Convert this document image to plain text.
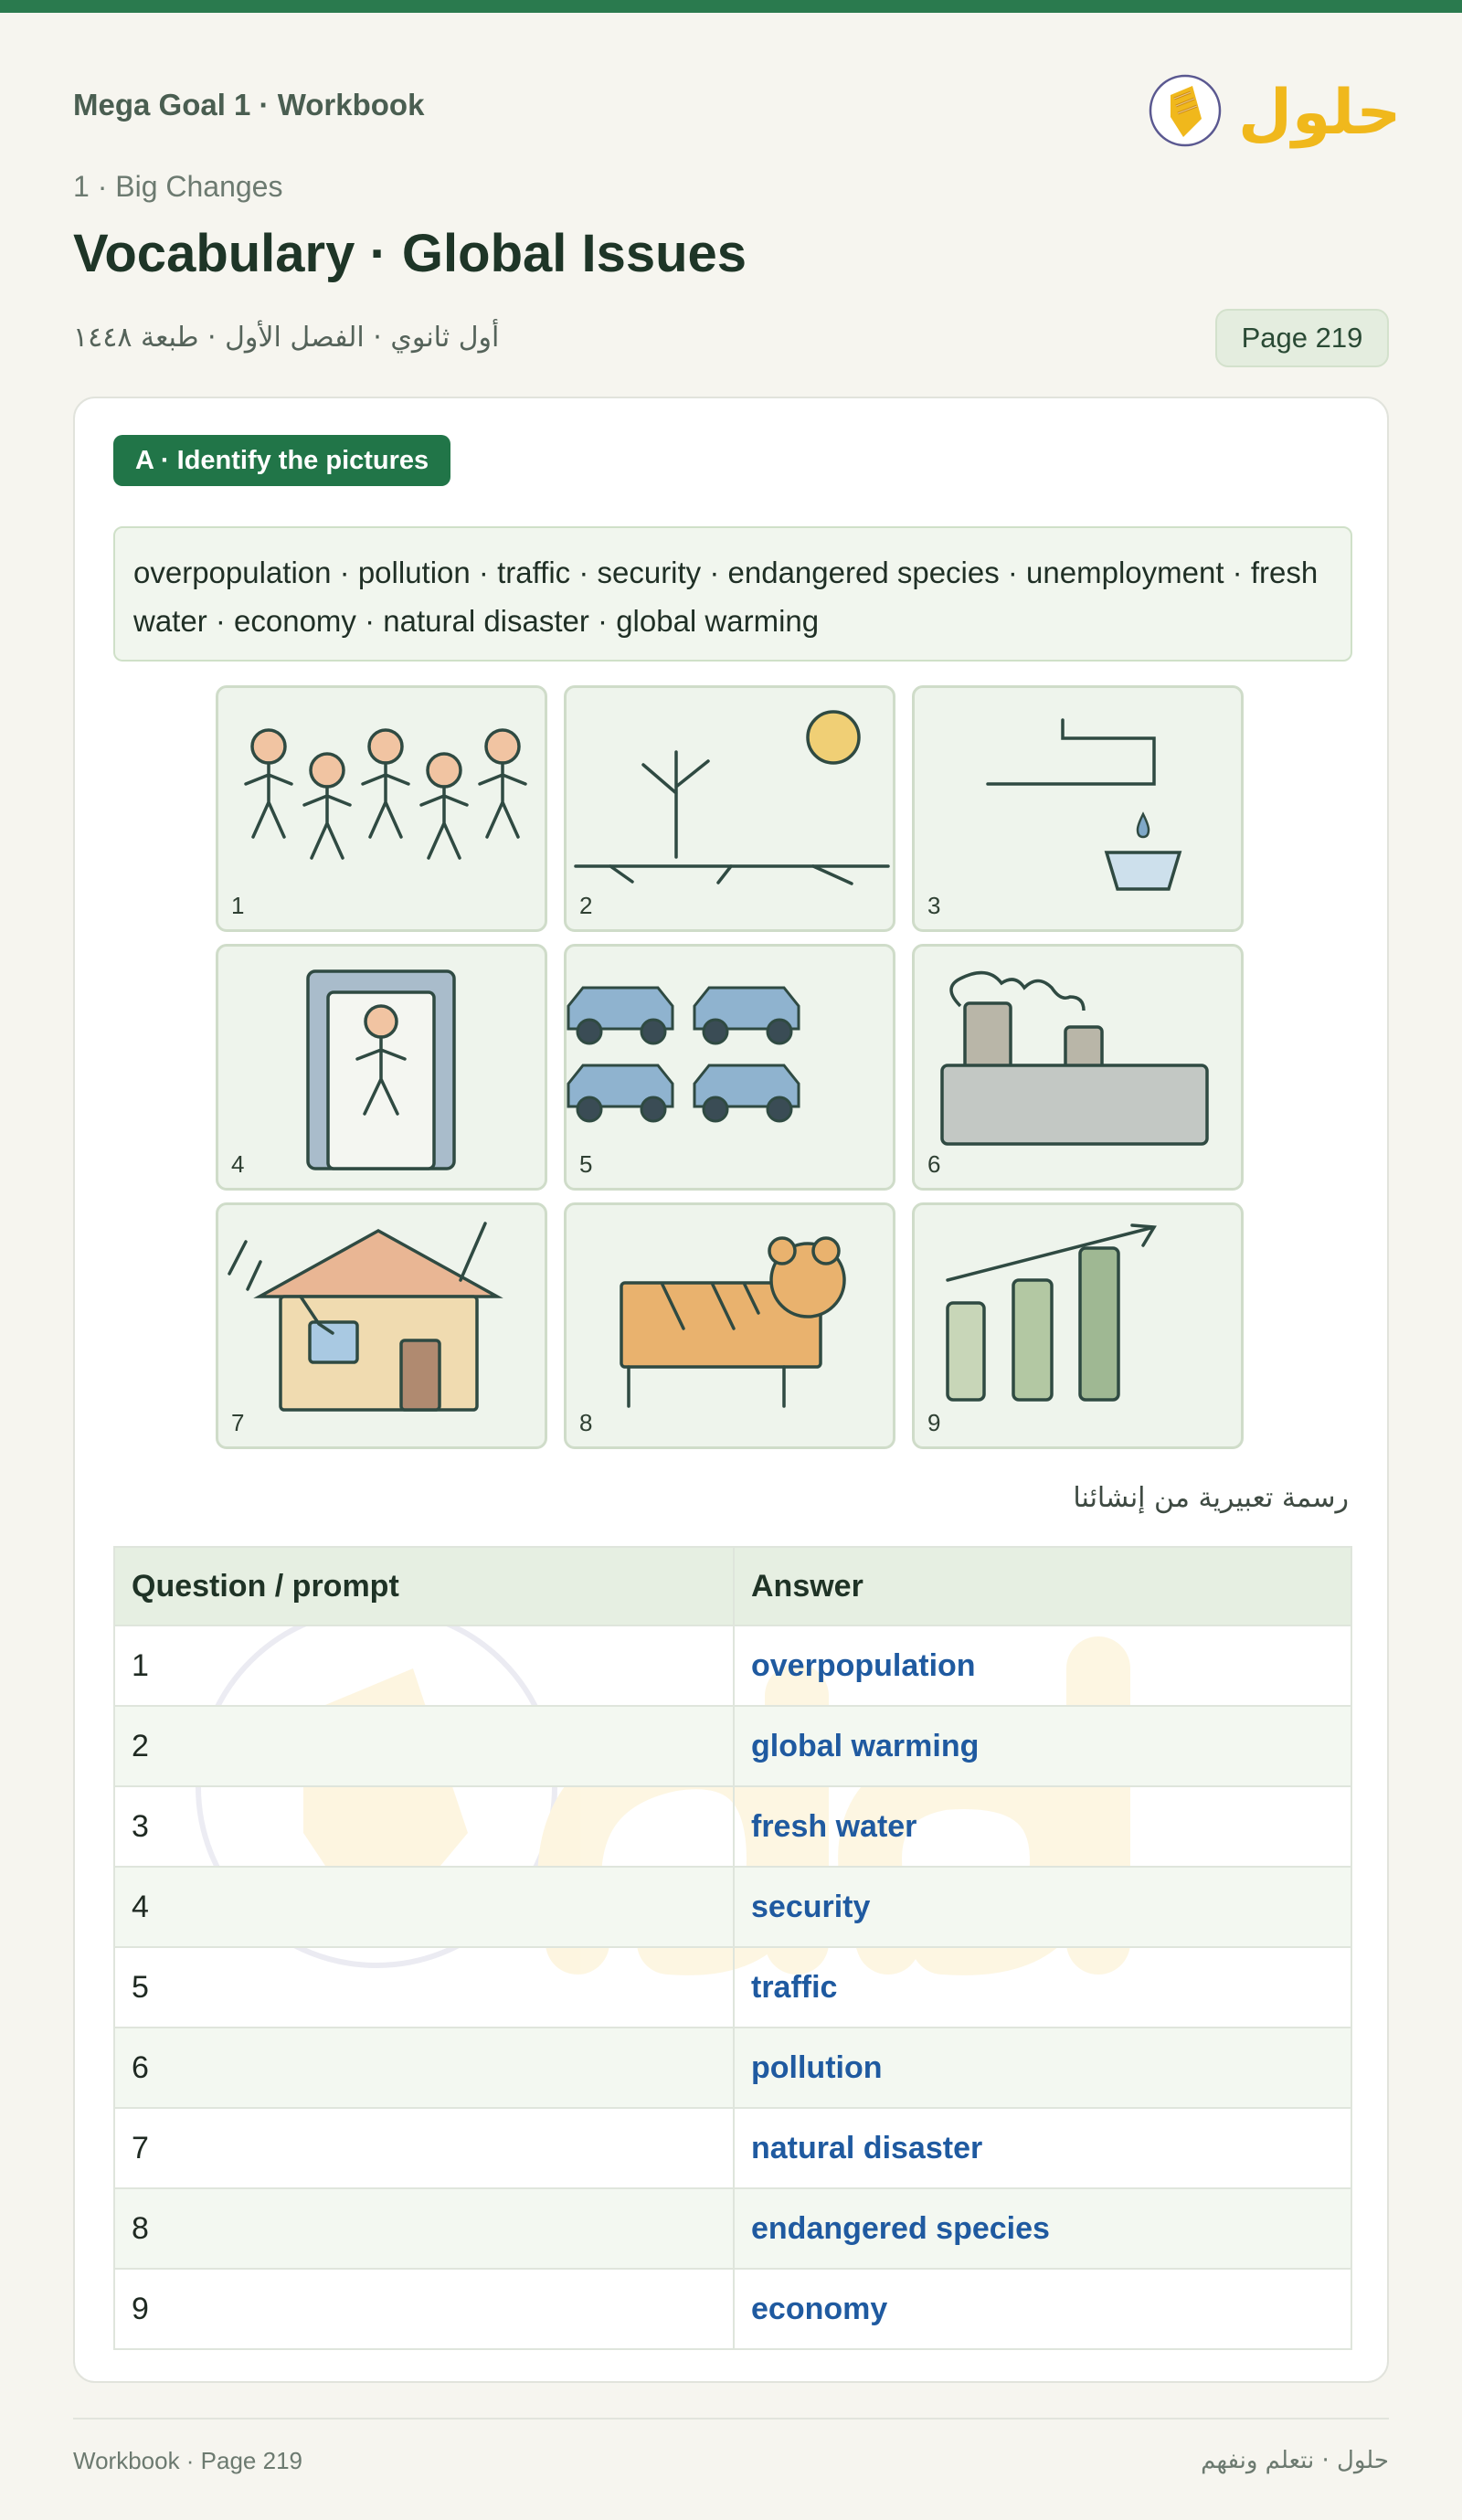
Mega Goal 1 · Workbook	حلول
1 · Big Changes
Vocabulary · Global Issues
أول ثانوي · الفصل الأول · طبعة ١٤٤٨	Page 219
A · Identify the pictures
overpopulation · pollution · traffic · security · endangered species · unemployment · fresh water · economy · natural disaster · global warming
1	2	3
4	5	6
7	8	9
رسمة تعبيرية من إنشائنا
Question / prompt	Answer
1	overpopulation
2	global warming
3	fresh water
4	security
5	traffic
6	pollution
7	natural disaster
8	endangered species
9	economy
Workbook · Page 219	حلول · نتعلم ونفهم
